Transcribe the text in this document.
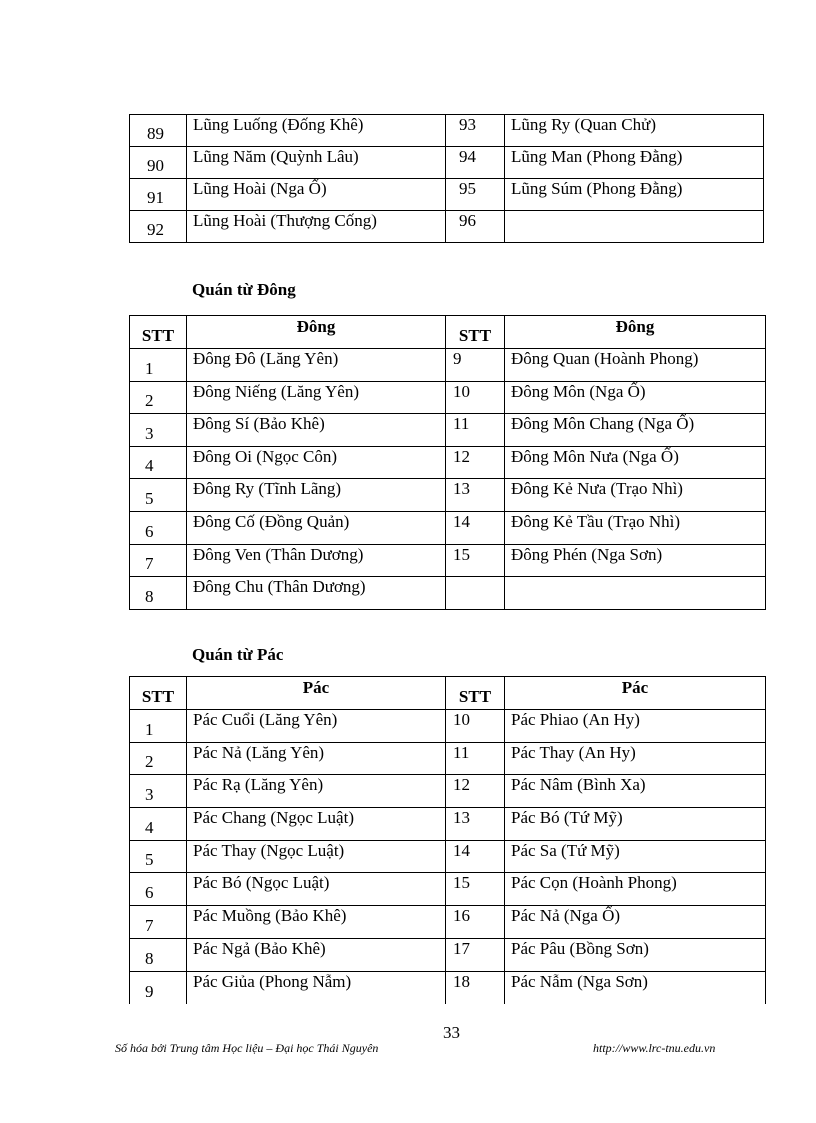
89	Lũng Luống (Đống Khê)	93	Lũng Ry (Quan Chử)
90	Lũng Năm (Quỳnh Lâu)	94	Lũng Man (Phong Đằng)
91	Lũng Hoài (Nga Ổ)	95	Lũng Súm (Phong Đằng)
92	Lũng Hoài (Thượng Cống)	96	
Quán từ Đông
STT	Đông	STT	Đông
1	Đông Đô (Lăng Yên)	9	Đông Quan (Hoành Phong)
2	Đông Niếng (Lăng Yên)	10	Đông Môn (Nga Ổ)
3	Đông Sí (Bảo Khê)	11	Đông Môn Chang (Nga Ổ)
4	Đông Oi (Ngọc Côn)	12	Đông Môn Nưa (Nga Ổ)
5	Đông Ry (Tĩnh Lãng)	13	Đông Kẻ Nưa (Trạo Nhì)
6	Đông Cố (Đồng Quản)	14	Đông Kẻ Tầu (Trạo Nhì)
7	Đông Ven (Thân Dương)	15	Đông Phén (Nga Sơn)
8	Đông Chu (Thân Dương)		
Quán từ Pác
STT	Pác	STT	Pác
1	Pác Cuổi (Lăng Yên)	10	Pác Phiao (An Hy)
2	Pác Nả (Lăng Yên)	11	Pác Thay (An Hy)
3	Pác Rạ (Lăng Yên)	12	Pác Nâm (Bình Xa)
4	Pác Chang (Ngọc Luật)	13	Pác Bó (Tứ Mỹ)
5	Pác Thay (Ngọc Luật)	14	Pác Sa (Tứ Mỹ)
6	Pác Bó (Ngọc Luật)	15	Pác Cọn (Hoành Phong)
7	Pác Muồng (Bảo Khê)	16	Pác Nả (Nga Ổ)
8	Pác Ngả (Bảo Khê)	17	Pác Pâu (Bồng Sơn)
9	Pác Giủa (Phong Nẫm)	18	Pác Nẫm (Nga Sơn)
33
Số hóa bởi Trung tâm Học liệu – Đại học Thái Nguyên	http://www.lrc-tnu.edu.vn
